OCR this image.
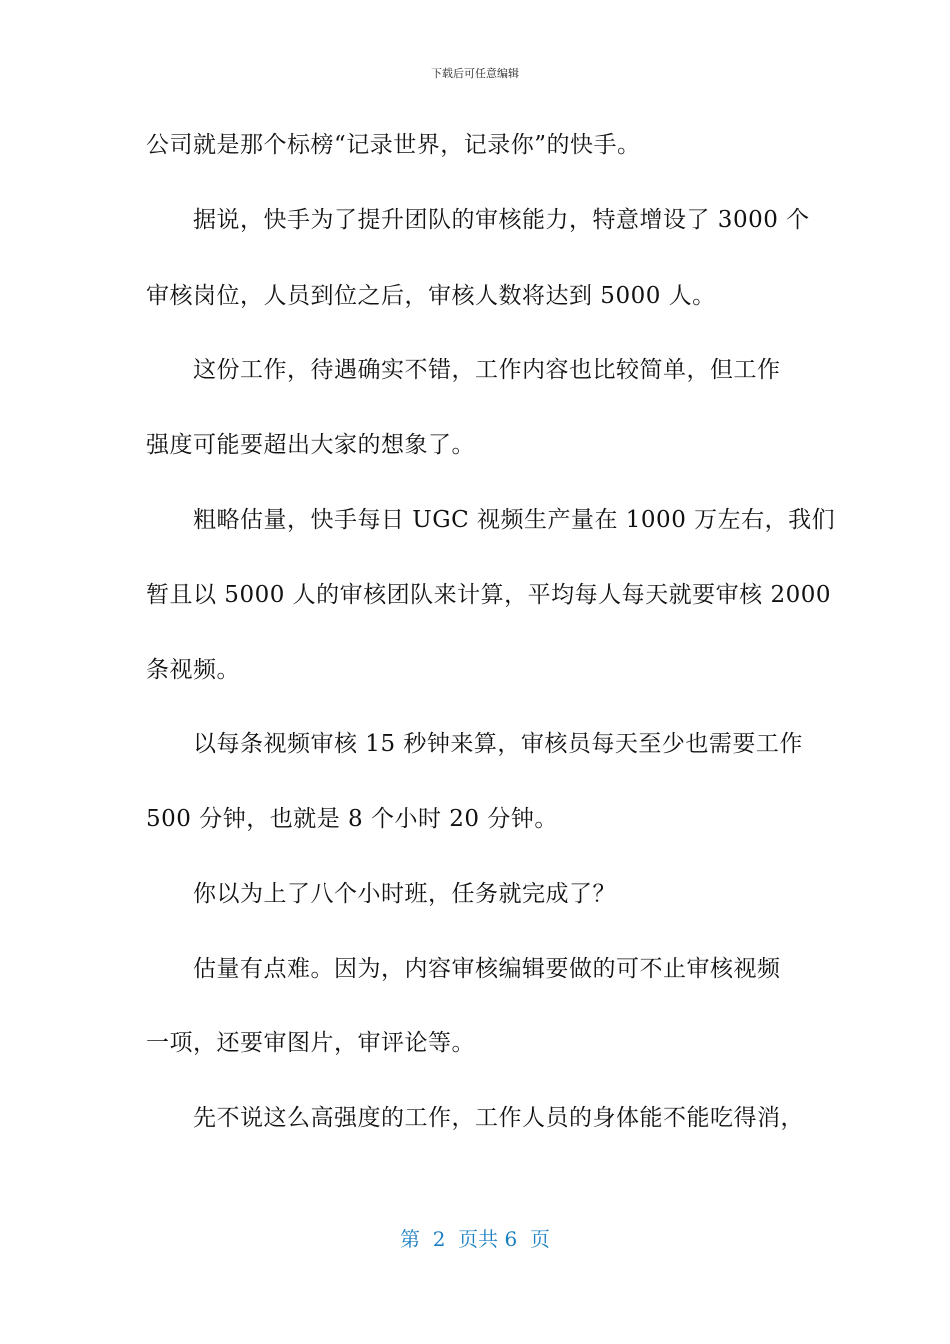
下载后可任意编辑
公司就是那个标榜“记录世界，记录你”的快手。
据说，快手为了提升团队的审核能力，特意增设了 3000 个
审核岗位，人员到位之后，审核人数将达到 5000 人。
这份工作，待遇确实不错，工作内容也比较简单，但工作
强度可能要超出大家的想象了。
粗略估量，快手每日 UGC 视频生产量在 1000 万左右，我们
暂且以 5000 人的审核团队来计算，平均每人每天就要审核 2000
条视频。
以每条视频审核 15 秒钟来算，审核员每天至少也需要工作
500 分钟，也就是 8 个小时 20 分钟。
你以为上了八个小时班，任务就完成了？
估量有点难。因为，内容审核编辑要做的可不止审核视频
一项，还要审图片，审评论等。
先不说这么高强度的工作，工作人员的身体能不能吃得消，
第  2  页共 6  页
